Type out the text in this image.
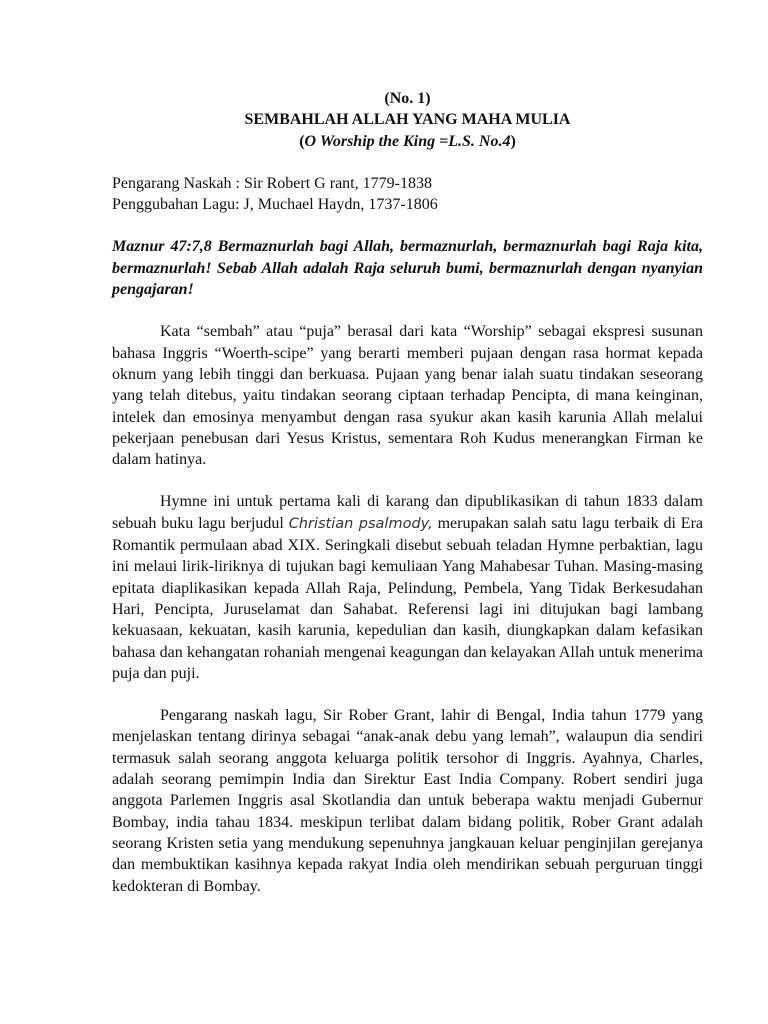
(No. 1)

SEMBAHLAH ALLAH YANG MAHA MULIA

(O Worship the King =L.S. No.4)

Pengarang Naskah : Sir Robert G rant, 1779-1838

Penggubahan Lagu: J, Muchael Haydn, 1737-1806

Maznur 47:7,8 Bermaznurlah bagi Allah, bermaznurlah, bermaznurlah bagi Raja kita, bermaznurlah! Sebab Allah adalah Raja seluruh bumi, bermaznurlah dengan nyanyian pengajaran!

Kata “sembah” atau “puja” berasal dari kata “Worship” sebagai ekspresi susunan bahasa Inggris “Woerth-scipe” yang berarti memberi pujaan dengan rasa hormat kepada oknum yang lebih tinggi dan berkuasa. Pujaan yang benar ialah suatu tindakan seseorang yang telah ditebus, yaitu tindakan seorang ciptaan terhadap Pencipta, di mana keinginan, intelek dan emosinya menyambut dengan rasa syukur akan kasih karunia Allah melalui pekerjaan penebusan dari Yesus Kristus, sementara Roh Kudus menerangkan Firman ke dalam hatinya.

Hymne ini untuk pertama kali di karang dan dipublikasikan di tahun 1833 dalam sebuah buku lagu berjudul Christian psalmody, merupakan salah satu lagu terbaik di Era Romantik permulaan abad XIX. Seringkali disebut sebuah teladan Hymne perbaktian, lagu ini melaui lirik-liriknya di tujukan bagi kemuliaan Yang Mahabesar Tuhan. Masing-masing epitata diaplikasikan kepada Allah Raja, Pelindung, Pembela, Yang Tidak Berkesudahan Hari, Pencipta, Juruselamat dan Sahabat. Referensi lagi ini ditujukan bagi lambang kekuasaan, kekuatan, kasih karunia, kepedulian dan kasih, diungkapkan dalam kefasikan bahasa dan kehangatan rohaniah mengenai keagungan dan kelayakan Allah untuk menerima puja dan puji.

Pengarang naskah lagu, Sir Rober Grant, lahir di Bengal, India tahun 1779 yang menjelaskan tentang dirinya sebagai “anak-anak debu yang lemah”, walaupun dia sendiri termasuk salah seorang anggota keluarga politik tersohor di Inggris. Ayahnya, Charles, adalah seorang pemimpin India dan Sirektur East India Company. Robert sendiri juga anggota Parlemen Inggris asal Skotlandia dan untuk beberapa waktu menjadi Gubernur Bombay, india tahau 1834. meskipun terlibat dalam bidang politik, Rober Grant adalah seorang Kristen setia yang mendukung sepenuhnya jangkauan keluar penginjilan gerejanya dan membuktikan kasihnya kepada rakyat India oleh mendirikan sebuah perguruan tinggi kedokteran di Bombay.
